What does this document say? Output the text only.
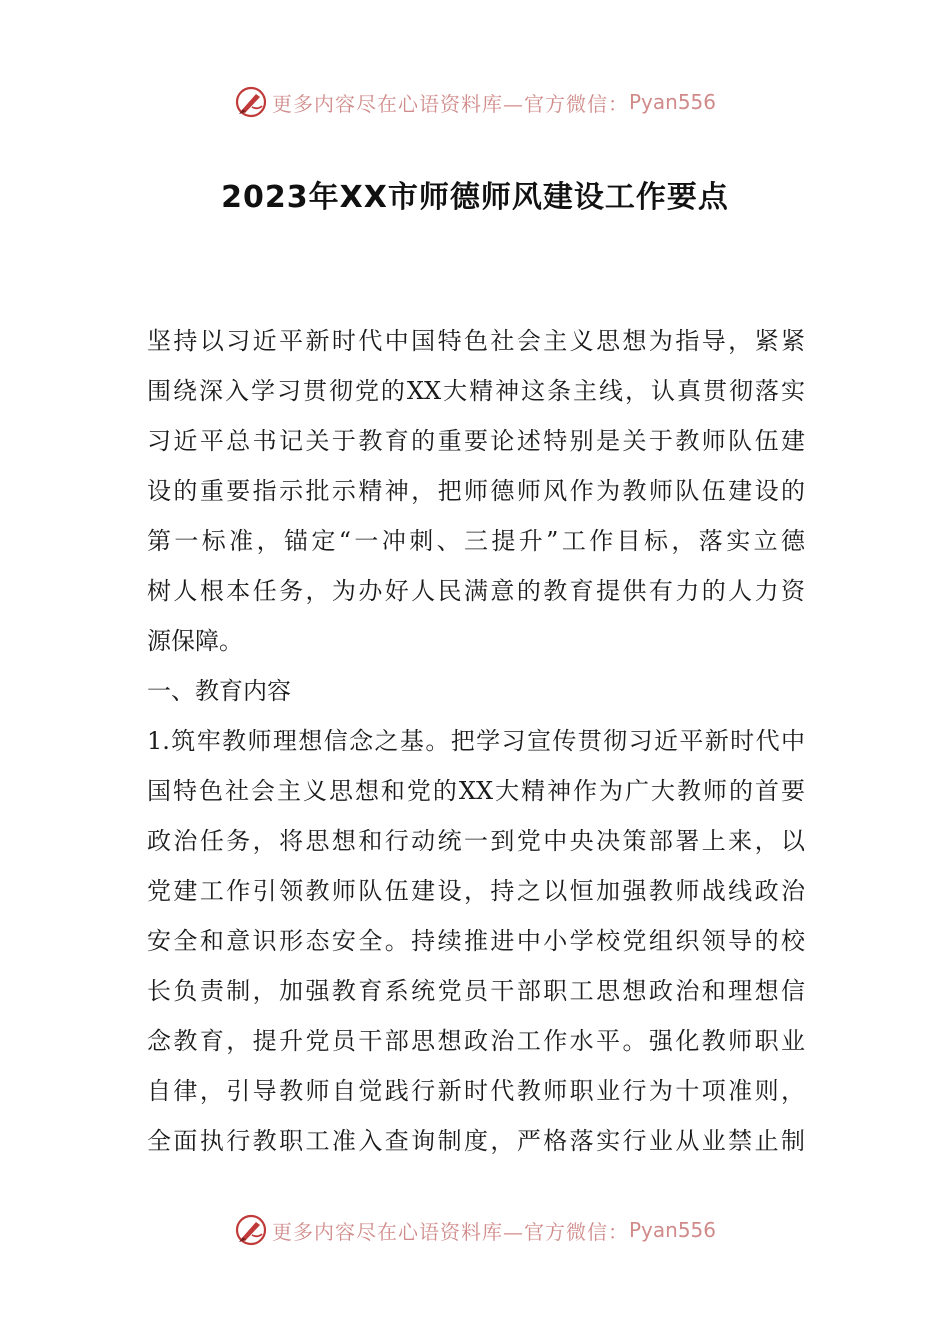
更多内容尽在心语资料库—官方微信： Pyan556
2023年XX市师德师风建设工作要点
坚持以习近平新时代中国特色社会主义思想为指导，紧紧
围绕深入学习贯彻党的XX大精神这条主线，认真贯彻落实
习近平总书记关于教育的重要论述特别是关于教师队伍建
设的重要指示批示精神，把师德师风作为教师队伍建设的
第一标准，锚定“一冲刺、三提升”工作目标，落实立德
树人根本任务，为办好人民满意的教育提供有力的人力资
源保障。
一、教育内容
1.筑牢教师理想信念之基。把学习宣传贯彻习近平新时代中
国特色社会主义思想和党的XX大精神作为广大教师的首要
政治任务，将思想和行动统一到党中央决策部署上来，以
党建工作引领教师队伍建设，持之以恒加强教师战线政治
安全和意识形态安全。持续推进中小学校党组织领导的校
长负责制，加强教育系统党员干部职工思想政治和理想信
念教育，提升党员干部思想政治工作水平。强化教师职业
自律，引导教师自觉践行新时代教师职业行为十项准则，
全面执行教职工准入查询制度，严格落实行业从业禁止制
更多内容尽在心语资料库—官方微信： Pyan556
